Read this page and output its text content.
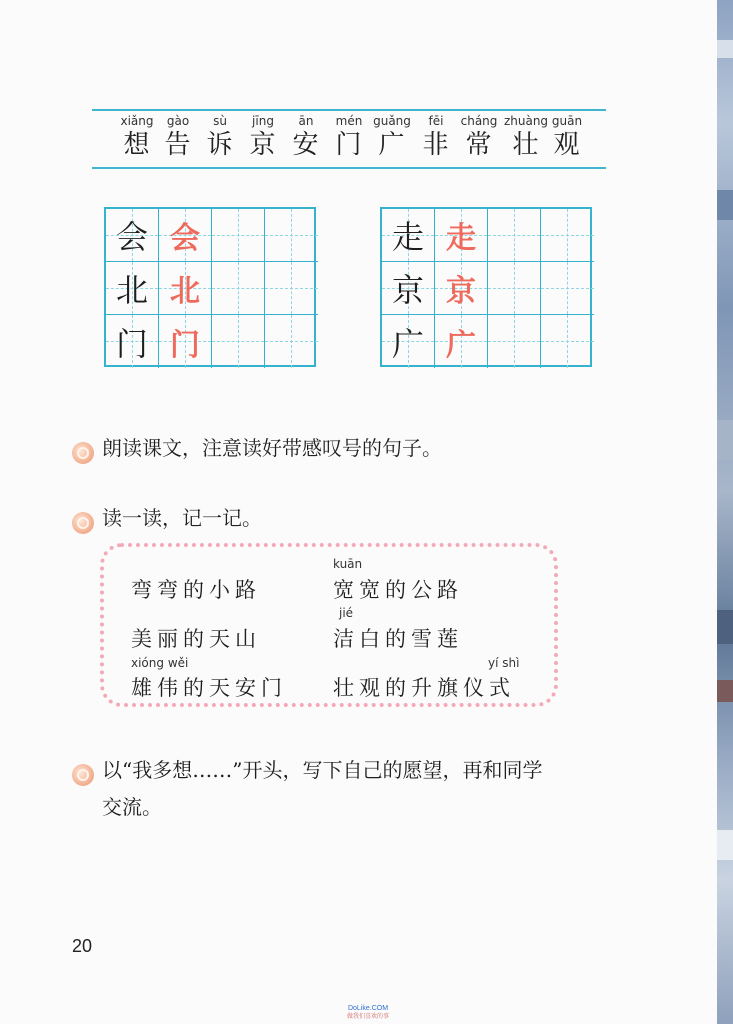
xiǎng
想
gào
告
sù
诉
jīng
京
ān
安
mén
门
guǎng
广
fēi
非
cháng
常
zhuàng
壮
guān
观
会 会
北 北
门 门
走 走
京 京
广 广
朗读课文，注意读好带感叹号的句子。
读一读，记一记。
弯弯的小路
kuān
宽宽的公路
美丽的天山
jié
洁白的雪莲
xióng wěi
雄伟的天安门
yí shì
壮观的升旗仪式
以“我多想……”开头，写下自己的愿望，再和同学
交流。
20
DoLike.COM
做我们喜欢的事
